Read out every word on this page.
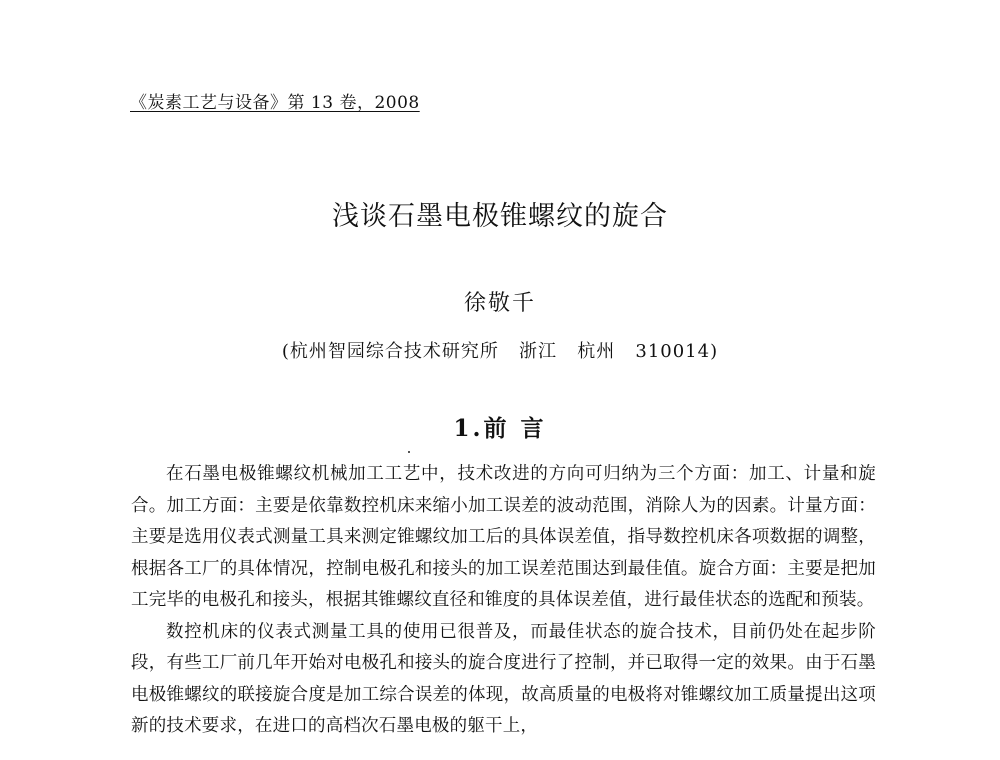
《炭素工艺与设备》第 13 卷，2008
浅谈石墨电极锥螺纹的旋合
徐敬千
(杭州智园综合技术研究所   浙江   杭州   310014)
1.前 言

在石墨电极锥螺纹机械加工工艺中，技术改进的方向可归纳为三个方面：加工、计量和旋合。加工方面：主要是依靠数控机床来缩小加工误差的波动范围，消除人为的因素。计量方面：主要是选用仪表式测量工具来测定锥螺纹加工后的具体误差值，指导数控机床各项数据的调整，根据各工厂的具体情况，控制电极孔和接头的加工误差范围达到最佳值。旋合方面：主要是把加工完毕的电极孔和接头，根据其锥螺纹直径和锥度的具体误差值，进行最佳状态的选配和预装。

数控机床的仪表式测量工具的使用已很普及，而最佳状态的旋合技术，目前仍处在起步阶段，有些工厂前几年开始对电极孔和接头的旋合度进行了控制，并已取得一定的效果。由于石墨电极锥螺纹的联接旋合度是加工综合误差的体现，故高质量的电极将对锥螺纹加工质量提出这项新的技术要求，在进口的高档次石墨电极的躯干上，
